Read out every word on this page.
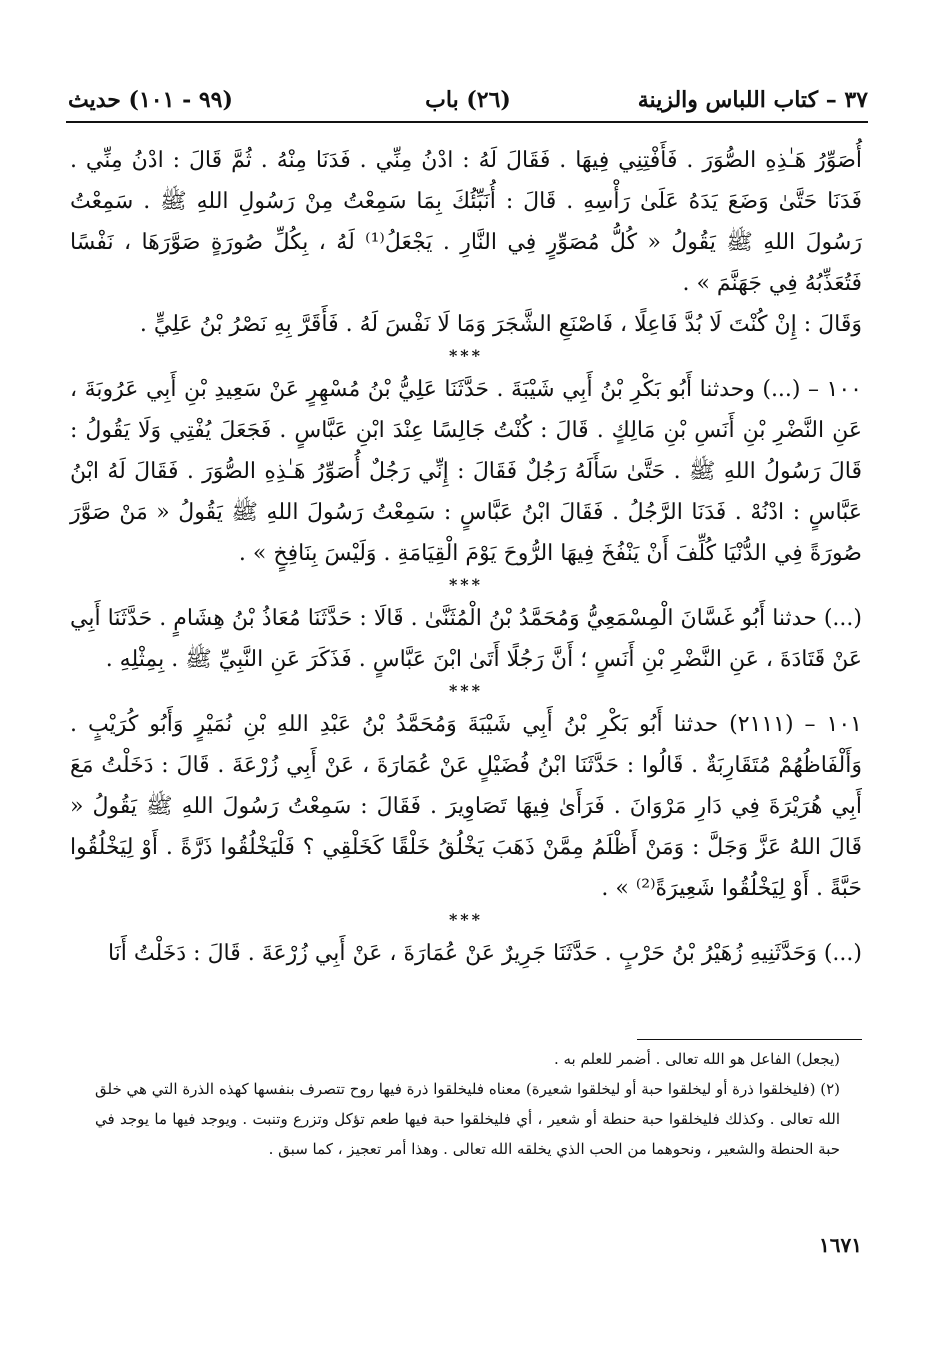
٣٧ – كتاب اللباس والزينة
(٢٦) باب
(٩٩ - ١٠١) حديث

أُصَوِّرُ هَـٰذِهِ الصُّوَرَ . فَأَفْتِنِي فِيهَا . فَقَالَ لَهُ : ادْنُ مِنِّي . فَدَنَا مِنْهُ . ثُمَّ قَالَ : ادْنُ مِنِّي . فَدَنَا حَتَّىٰ وَضَعَ يَدَهُ عَلَىٰ رَأْسِهِ . قَالَ : أُنَبِّئُكَ بِمَا سَمِعْتُ مِنْ رَسُولِ اللهِ ﷺ . سَمِعْتُ رَسُولَ اللهِ ﷺ يَقُولُ « كُلُّ مُصَوِّرٍ فِي النَّارِ . يَجْعَلُ⁽¹⁾ لَهُ ، بِكُلِّ صُورَةٍ صَوَّرَهَا ، نَفْسًا فَتُعَذِّبُهُ فِي جَهَنَّمَ » .

وَقَالَ : إِنْ كُنْتَ لَا بُدَّ فَاعِلًا ، فَاصْنَعِ الشَّجَرَ وَمَا لَا نَفْسَ لَهُ . فَأَقَرَّ بِهِ نَصْرُ بْنُ عَلِيٍّ .

***

١٠٠ – (...) وحدثنا أَبُو بَكْرِ بْنُ أَبِي شَيْبَةَ . حَدَّثَنَا عَلِيُّ بْنُ مُسْهِرٍ عَنْ سَعِيدِ بْنِ أَبِي عَرُوبَةَ ، عَنِ النَّضْرِ بْنِ أَنَسِ بْنِ مَالِكٍ . قَالَ : كُنْتُ جَالِسًا عِنْدَ ابْنِ عَبَّاسٍ . فَجَعَلَ يُفْتِي وَلَا يَقُولُ : قَالَ رَسُولُ اللهِ ﷺ . حَتَّىٰ سَأَلَهُ رَجُلٌ فَقَالَ : إِنِّي رَجُلٌ أُصَوِّرُ هَـٰذِهِ الصُّوَرَ . فَقَالَ لَهُ ابْنُ عَبَّاسٍ : ادْنُهْ . فَدَنَا الرَّجُلُ . فَقَالَ ابْنُ عَبَّاسٍ : سَمِعْتُ رَسُولَ اللهِ ﷺ يَقُولُ « مَنْ صَوَّرَ صُورَةً فِي الدُّنْيَا كُلِّفَ أَنْ يَنْفُخَ فِيهَا الرُّوحَ يَوْمَ الْقِيَامَةِ . وَلَيْسَ بِنَافِخٍ » .

***

(...) حدثنا أَبُو غَسَّانَ الْمِسْمَعِيُّ وَمُحَمَّدُ بْنُ الْمُثَنَّىٰ . قَالَا : حَدَّثَنَا مُعَاذُ بْنُ هِشَامٍ . حَدَّثَنَا أَبِي عَنْ قَتَادَةَ ، عَنِ النَّضْرِ بْنِ أَنَسٍ ؛ أَنَّ رَجُلًا أَتَىٰ ابْنَ عَبَّاسٍ . فَذَكَرَ عَنِ النَّبِيِّ ﷺ . بِمِثْلِهِ .

***

١٠١ – (٢١١١) حدثنا أَبُو بَكْرِ بْنُ أَبِي شَيْبَةَ وَمُحَمَّدُ بْنُ عَبْدِ اللهِ بْنِ نُمَيْرٍ وَأَبُو كُرَيْبٍ . وَأَلْفَاظُهُمْ مُتَقَارِبَةٌ . قَالُوا : حَدَّثَنَا ابْنُ فُضَيْلٍ عَنْ عُمَارَةَ ، عَنْ أَبِي زُرْعَةَ . قَالَ : دَخَلْتُ مَعَ أَبِي هُرَيْرَةَ فِي دَارِ مَرْوَانَ . فَرَأَىٰ فِيهَا تَصَاوِيرَ . فَقَالَ : سَمِعْتُ رَسُولَ اللهِ ﷺ يَقُولُ « قَالَ اللهُ عَزَّ وَجَلَّ : وَمَنْ أَظْلَمُ مِمَّنْ ذَهَبَ يَخْلُقُ خَلْقًا كَخَلْقِي ؟ فَلْيَخْلُقُوا ذَرَّةً . أَوْ لِيَخْلُقُوا حَبَّةً . أَوْ لِيَخْلُقُوا شَعِيرَةً⁽²⁾ » .

***

(...) وَحَدَّثَنِيهِ زُهَيْرُ بْنُ حَرْبٍ . حَدَّثَنَا جَرِيرٌ عَنْ عُمَارَةَ ، عَنْ أَبِي زُرْعَةَ . قَالَ : دَخَلْتُ أَنَا

(يجعل) الفاعل هو الله تعالى . أضمر للعلم به .

(٢) (فليخلقوا ذرة أو ليخلقوا حبة أو ليخلقوا شعيرة) معناه فليخلقوا ذرة فيها روح تتصرف بنفسها كهذه الذرة التي هي خلق الله تعالى . وكذلك فليخلقوا حبة حنطة أو شعير ، أي فليخلقوا حبة فيها طعم تؤكل وتزرع وتنبت . ويوجد فيها ما يوجد في حبة الحنطة والشعير ، ونحوهما من الحب الذي يخلقه الله تعالى . وهذا أمر تعجيز ، كما سبق .

١٦٧١
